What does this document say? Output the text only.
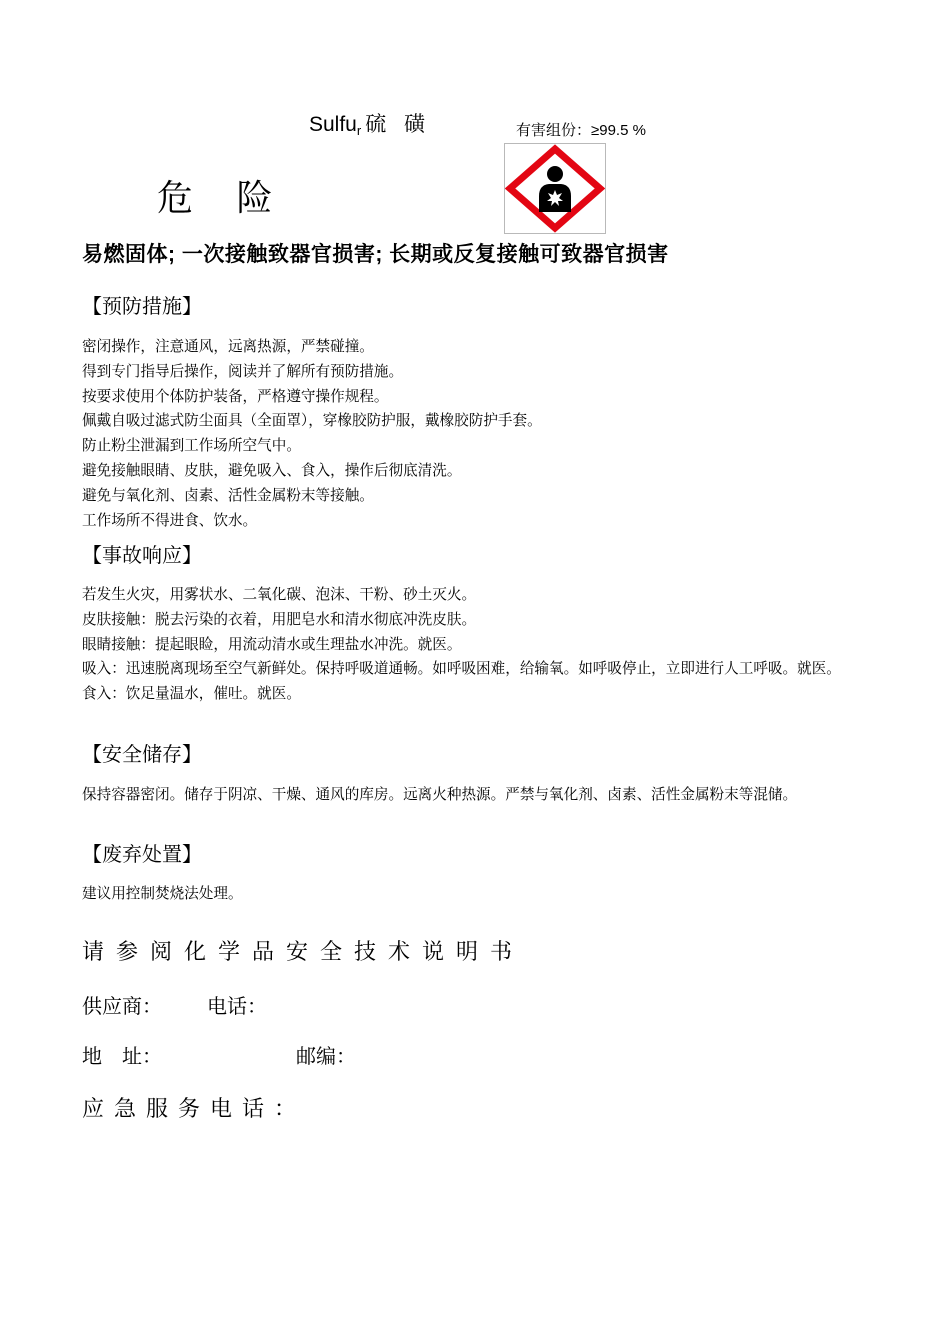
Sulfu$_r$ 硫 磺	有害组份：≥99.5 %
危 险
易燃固体; 一次接触致器官损害; 长期或反复接触可致器官损害
【预防措施】
密闭操作，注意通风，远离热源，严禁碰撞。
得到专门指导后操作，阅读并了解所有预防措施。
按要求使用个体防护装备，严格遵守操作规程。
佩戴自吸过滤式防尘面具（全面罩），穿橡胶防护服，戴橡胶防护手套。
防止粉尘泄漏到工作场所空气中。
避免接触眼睛、皮肤，避免吸入、食入，操作后彻底清洗。
避免与氧化剂、卤素、活性金属粉末等接触。
工作场所不得进食、饮水。
【事故响应】
若发生火灾，用雾状水、二氧化碳、泡沫、干粉、砂土灭火。
皮肤接触：脱去污染的衣着，用肥皂水和清水彻底冲洗皮肤。
眼睛接触：提起眼睑，用流动清水或生理盐水冲洗。就医。
吸入：迅速脱离现场至空气新鲜处。保持呼吸道通畅。如呼吸困难，给输氧。如呼吸停止，立即进行人工呼吸。就医。
食入：饮足量温水，催吐。就医。
【安全储存】
保持容器密闭。储存于阴凉、干燥、通风的库房。远离火种热源。严禁与氧化剂、卤素、活性金属粉末等混储。
【废弃处置】
建议用控制焚烧法处理。
请参阅化学品安全技术说明书
供应商： 电话：
地　址：	邮编：
应急服务电话：
